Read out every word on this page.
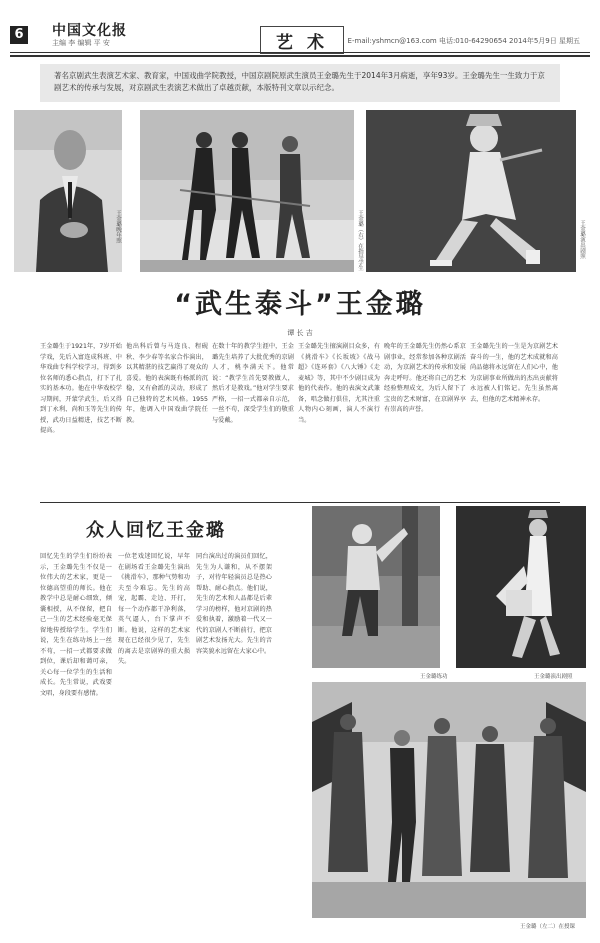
6	中国文化报
主编 李 编辑 平 安	艺 术	E-mail:yshmcn@163.com 电话:010-64290654 2014年5月9日 星期五
著名京剧武生表演艺术家、教育家，中国戏曲学院教授，中国京剧院原武生演员王金璐先生于2014年3月病逝，享年93岁。王金璐先生一生致力于京剧艺术的传承与发展，对京剧武生表演艺术做出了卓越贡献，本版特刊文章以示纪念。
王金璐晚年照	王金璐（右）在指导学生	王金璐演出剧照
“武生泰斗”王金璐
谭 长 吉
王金璐生于1921年，7岁开始学戏，先后入富连成科班、中华戏曲专科学校学习，得到多位名师的悉心指点，打下了扎实的基本功。他在中华戏校学习期间，开蒙学武生，后又得到丁永利、尚和玉等先生的传授，武功日益精进，技艺不断提高。
他出科后曾与马连良、程砚秋、李少春等名家合作演出，以其精湛的技艺赢得了观众的喜爱。他的表演既有杨派的沉稳，又有俞派的灵动，形成了自己独特的艺术风格。1955年，他调入中国戏曲学院任教。
在数十年的教学生涯中，王金璐先生培养了大批优秀的京剧人才，桃李满天下。他常说：“教学生首先要教做人，然后才是教戏。”他对学生要求严格，一招一式都亲自示范，一丝不苟，深受学生们的敬重与爱戴。
王金璐先生擅演剧目众多，有《挑滑车》《长坂坡》《战马超》《连环套》《八大锤》《走麦城》等，其中不少剧目成为他的代表作。他的表演文武兼备，唱念做打俱佳，尤其注重人物内心刻画，演人不演行当。
晚年的王金璐先生仍然心系京剧事业，经常参加各种京剧活动，为京剧艺术的传承和发展奔走呼吁。他还将自己的艺术经验整理成文，为后人留下了宝贵的艺术财富，在京剧界享有崇高的声誉。
王金璐先生的一生是为京剧艺术奋斗的一生，他的艺术成就和高尚品德将永远留在人们心中，他为京剧事业所做出的杰出贡献将永远被人们铭记。先生虽然离去，但他的艺术精神永存。
众人回忆王金璐
回忆先生的学生们纷纷表示，王金璐先生不仅是一位伟大的艺术家，更是一位德高望重的师长。他在教学中总是耐心细致，倾囊相授，从不保留，把自己一生的艺术经验毫无保留地传授给学生。学生们说，先生在练功场上一丝不苟，一招一式都要求做到位，课后却和蔼可亲，关心每一位学生的生活和成长。先生常说，武戏要文唱，身段要有感情。
一位老戏迷回忆说，早年在剧场看王金璐先生演出《挑滑车》，那种气势和功夫至今难忘。先生的高宠，起霸、走边、开打，每一个动作都干净利落，英气逼人，台下掌声不断。他说，这样的艺术家现在已经很少见了，先生的离去是京剧界的重大损失。
同台演出过的演员们回忆，先生为人谦和，从不摆架子，对待年轻演员总是热心帮助、耐心指点。他们说，先生的艺术和人品都是后辈学习的榜样，他对京剧的热爱和执着，激励着一代又一代的京剧人不断前行，把京剧艺术发扬光大。先生的音容笑貌永远留在大家心中。
王金璐练功	王金璐演出剧照
王金璐（左二）在授课
